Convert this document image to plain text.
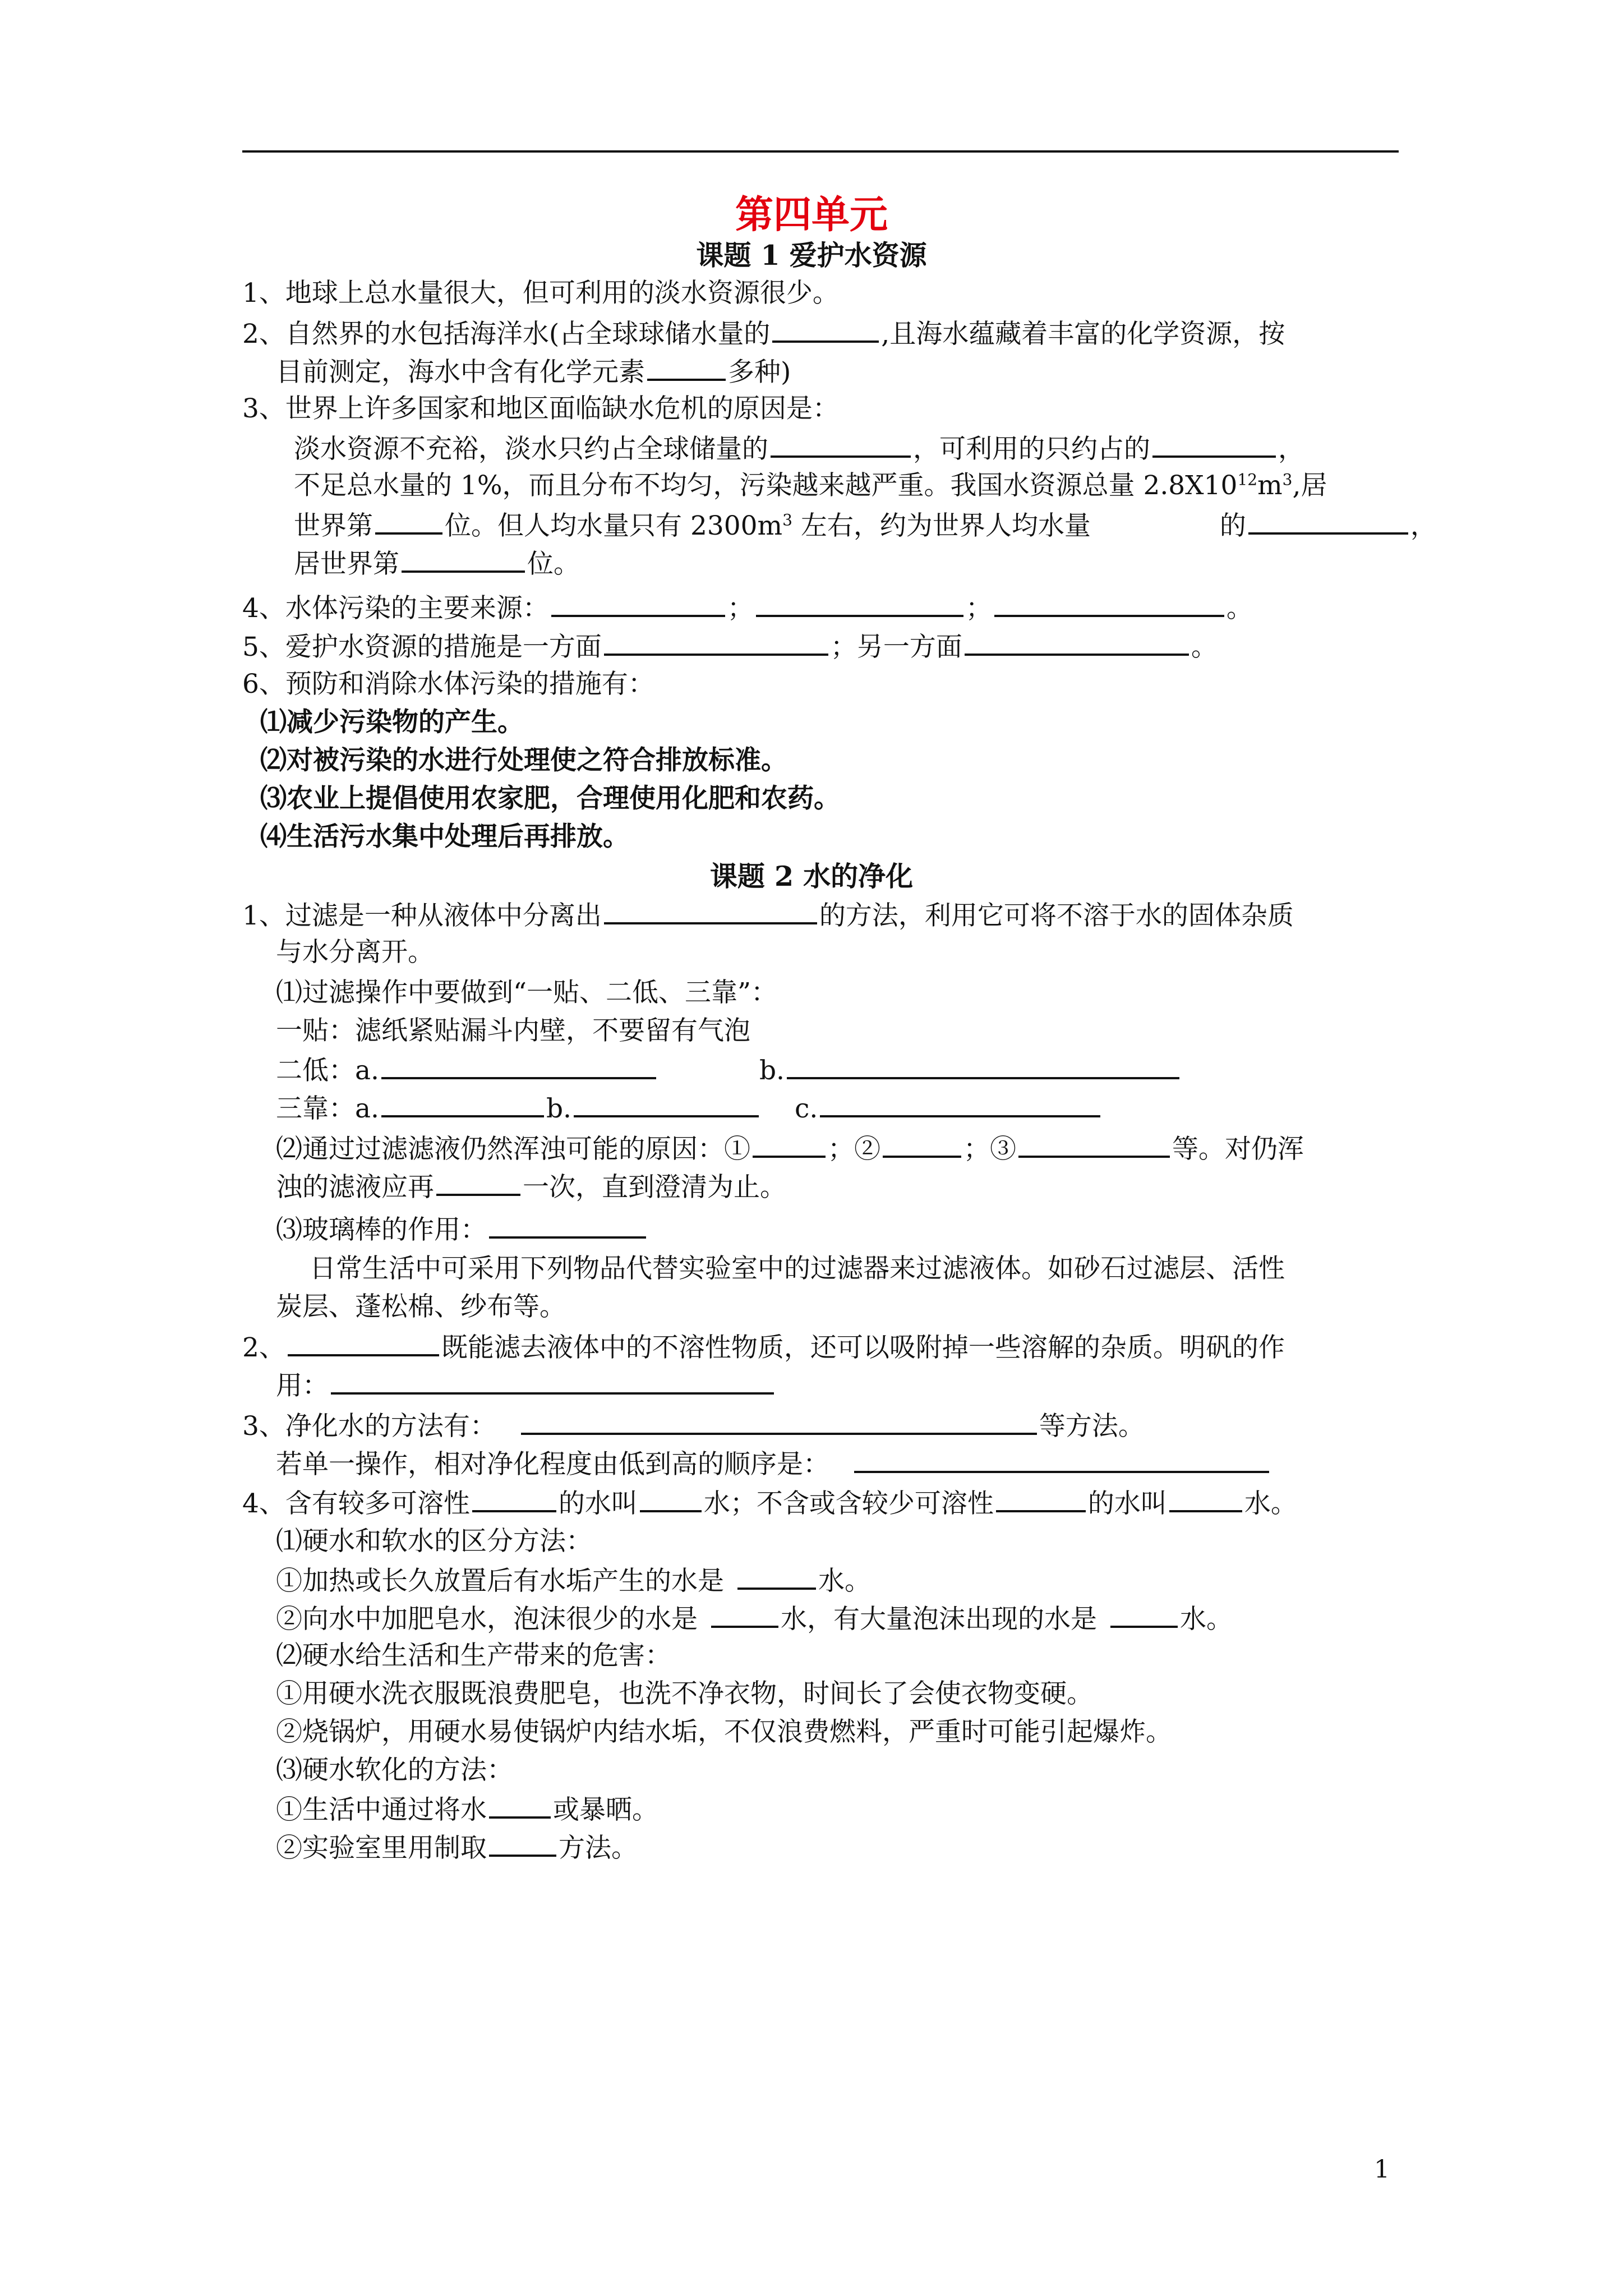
第四单元
课题 1 爱护水资源
1、地球上总水量很大，但可利用的淡水资源很少。
2、自然界的水包括海洋水(占全球球储水量的	,且海水蕴藏着丰富的化学资源，按
目前测定，海水中含有化学元素	多种)
3、世界上许多国家和地区面临缺水危机的原因是：
淡水资源不充裕，淡水只约占全球储量的	，可利用的只约占的	，
不足总水量的 1%，而且分布不均匀，污染越来越严重。我国水资源总量 $2.8X10^{12}m^3$,居
世界第	位。但人均水量只有 $2300m^3$ 左右，约为世界人均水量	的	，
居世界第	位。
4、水体污染的主要来源：	；	；	。
5、爱护水资源的措施是一方面	；另一方面	。
6、预防和消除水体污染的措施有：
⑴减少污染物的产生。
⑵对被污染的水进行处理使之符合排放标准。
⑶农业上提倡使用农家肥，合理使用化肥和农药。
⑷生活污水集中处理后再排放。
课题 2 水的净化
1、过滤是一种从液体中分离出	的方法，利用它可将不溶于水的固体杂质
与水分离开。
⑴过滤操作中要做到“一贴、二低、三靠”：
一贴：滤纸紧贴漏斗内壁，不要留有气泡
二低：a.	b.
三靠：a.	b.	c.
⑵通过过滤滤液仍然浑浊可能的原因：①	；②	；③	等。对仍浑
浊的滤液应再	一次，直到澄清为止。
⑶玻璃棒的作用：
日常生活中可采用下列物品代替实验室中的过滤器来过滤液体。如砂石过滤层、活性
炭层、蓬松棉、纱布等。
2、	既能滤去液体中的不溶性物质，还可以吸附掉一些溶解的杂质。明矾的作
用：
3、净化水的方法有：	等方法。
若单一操作，相对净化程度由低到高的顺序是：
4、含有较多可溶性	的水叫	水；不含或含较少可溶性	的水叫	水。
⑴硬水和软水的区分方法：
①加热或长久放置后有水垢产生的水是	水。
②向水中加肥皂水，泡沫很少的水是	水，有大量泡沫出现的水是	水。
⑵硬水给生活和生产带来的危害：
①用硬水洗衣服既浪费肥皂，也洗不净衣物，时间长了会使衣物变硬。
②烧锅炉，用硬水易使锅炉内结水垢，不仅浪费燃料，严重时可能引起爆炸。
⑶硬水软化的方法：
①生活中通过将水	或暴晒。
②实验室里用制取	方法。
1
